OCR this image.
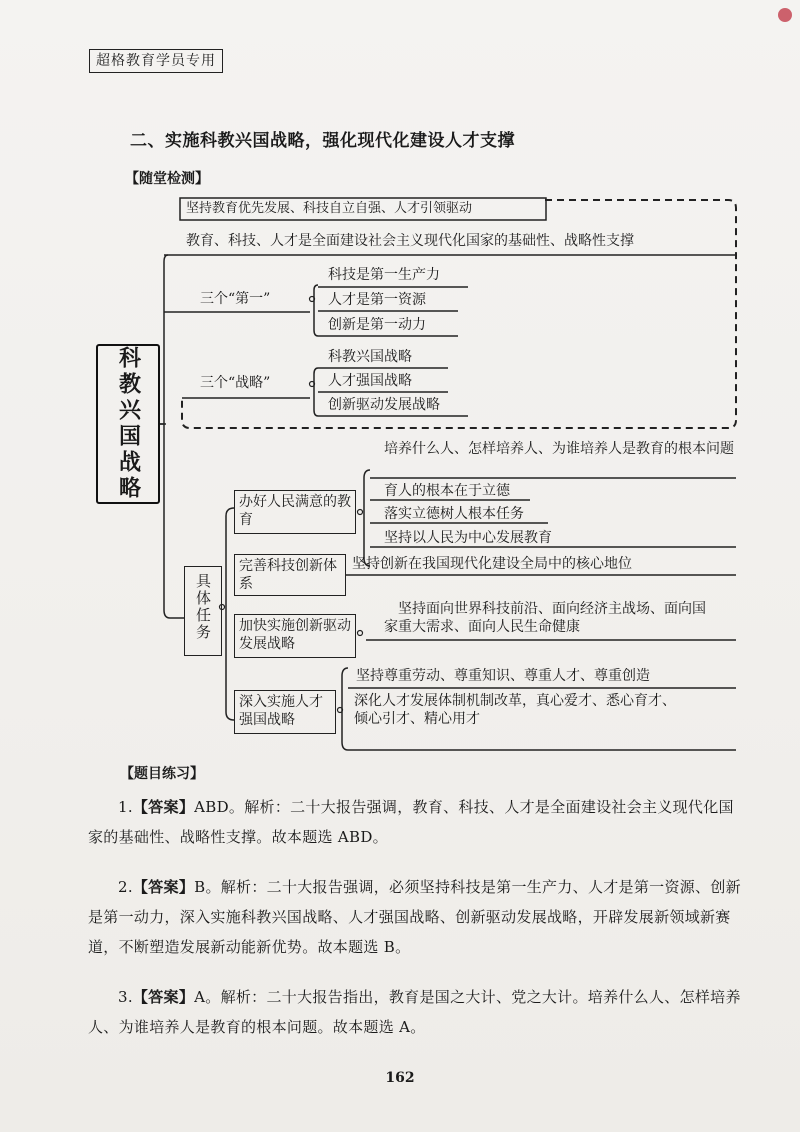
超格教育学员专用
二、实施科教兴国战略，强化现代化建设人才支撑
【随堂检测】
科教兴国战略
坚持教育优先发展、科技自立自强、人才引领驱动
教育、科技、人才是全面建设社会主义现代化国家的基础性、战略性支撑
三个“第一”
科技是第一生产力
人才是第一资源
创新是第一动力
三个“战略”
科教兴国战略
人才强国战略
创新驱动发展战略
具体任务
办好人民满意的教育
培养什么人、怎样培养人、为谁培养人是教育的根本问题
育人的根本在于立德
落实立德树人根本任务
坚持以人民为中心发展教育
完善科技创新体系
坚持创新在我国现代化建设全局中的核心地位
加快实施创新驱动发展战略
坚持面向世界科技前沿、面向经济主战场、面向国家重大需求、面向人民生命健康
深入实施人才强国战略
坚持尊重劳动、尊重知识、尊重人才、尊重创造
深化人才发展体制机制改革，真心爱才、悉心育才、倾心引才、精心用才
【题目练习】
1.【答案】ABD。解析：二十大报告强调，教育、科技、人才是全面建设社会主义现代化国家的基础性、战略性支撑。故本题选 ABD。
2.【答案】B。解析：二十大报告强调，必须坚持科技是第一生产力、人才是第一资源、创新是第一动力，深入实施科教兴国战略、人才强国战略、创新驱动发展战略，开辟发展新领域新赛道，不断塑造发展新动能新优势。故本题选 B。
3.【答案】A。解析：二十大报告指出，教育是国之大计、党之大计。培养什么人、怎样培养人、为谁培养人是教育的根本问题。故本题选 A。
162
